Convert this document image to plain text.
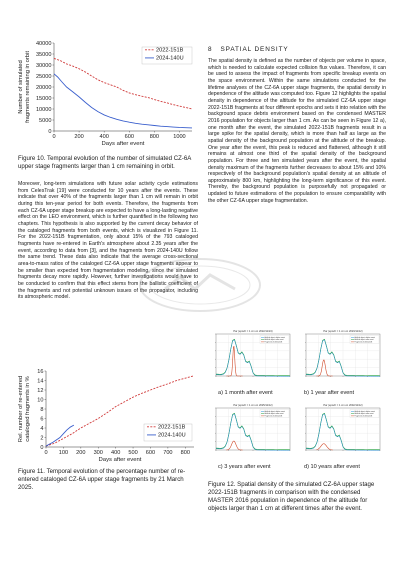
0	200	400	600	800	1000
0
5000
10000
15000
20000
25000
30000
35000
40000
Days after event
Number of simulated fragments remaining in orbit
2022-151B
2024-140U
Figure 10. Temporal evolution of the number of simulated CZ-6A upper stage fragments larger than 1 cm remaining in orbit.
Moreover, long-term simulations with future solar activity cycle estimations from CelesTrak [19] were conducted for 10 years after the events. These indicate that over 40% of the fragments larger than 1 cm will remain in orbit during this ten-year period for both events. Therefore, the fragments from each CZ-6A upper stage breakup are expected to have a long-lasting negative effect on the LEO environment, which is further quantified in the following two chapters. This hypothesis is also supported by the current decay behavior of the cataloged fragments from both events, which is visualized in Figure 11. For the 2022-151B fragmentation, only about 15% of the 793 cataloged fragments have re-entered in Earth's atmosphere about 2.35 years after the event, according to data from [3], and the fragments from 2024-140U follow the same trend. These data also indicate that the average cross-sectional area-to-mass ratios of the cataloged CZ-6A upper stage fragments appear to be smaller than expected from fragmentation modeling, since the simulated fragments decay more rapidly. However, further investigations would have to be conducted to confirm that this effect stems from the ballistic coefficient of the fragments and not potential unknown issues of the propagator, including its atmospheric model.
0 100 200 300 400 500 600 700 800
0
2
4
6
8
10
12
14
16
Days after event
Rel. number of re-entered cataloged fragments in %	2022-151B
2024-140U
Figure 11. Temporal evolution of the percentage number of re-entered cataloged CZ-6A upper stage fragments by 21 March 2025.
8 SPATIAL DENSITY
The spatial density is defined as the number of objects per volume in space, which is needed to calculate expected collision flux values. Therefore, it can be used to assess the impact of fragments from specific breakup events on the space environment. Within the same simulations conducted for the lifetime analyses of the CZ-6A upper stage fragments, the spatial density in dependence of the altitude was computed too. Figure 12 highlights the spatial density in dependence of the altitude for the simulated CZ-6A upper stage 2022-151B fragments at four different epochs and sets it into relation with the background space debris environment based on the condensed MASTER 2016 population for objects larger than 1 cm. As can be seen in Figure 12 a), one month after the event, the simulated 2022-151B fragments result in a large spike for the spatial density, which is more than half as large as the spatial density of the background population at the altitude of the breakup. One year after the event, this peak is reduced and flattened, although it still remains at almost one third of the spatial density of the background population. For three and ten simulated years after the event, the spatial density maximum of the fragments further decreases to about 15% and 10% respectively of the background population's spatial density at an altitude of approximately 800 km, highlighting the long-term significance of this event. Thereby, the background population is purposefully not propagated or updated to future estimations of the population to ensure comparability with the other CZ-6A upper stage fragmentation.
Par (epoch = 1 cm on 2022/11/24)
Artificial objects before event
Artificial objects after event
Fragments of 2022-151B
a) 1 month after event
Par (epoch = 1 cm on 2023/11/12)
Artificial objects before event
Artificial objects after event
Fragments of 2022-151B
b) 1 year after event
Par (epoch = 1 cm on 2025/11/12)
Artificial objects before event
Artificial objects after event
Fragments of 2022-151B
c) 3 years after event
Par (epoch = 1 cm on 2032/11/12)
Artificial objects before event
Artificial objects after event
Fragments of 2022-151B
d) 10 years after event
Figure 12. Spatial density of the simulated CZ-6A upper stage 2022-151B fragments in comparison with the condensed MASTER 2016 population in dependence of the altitude for objects larger than 1 cm at different times after the event.
